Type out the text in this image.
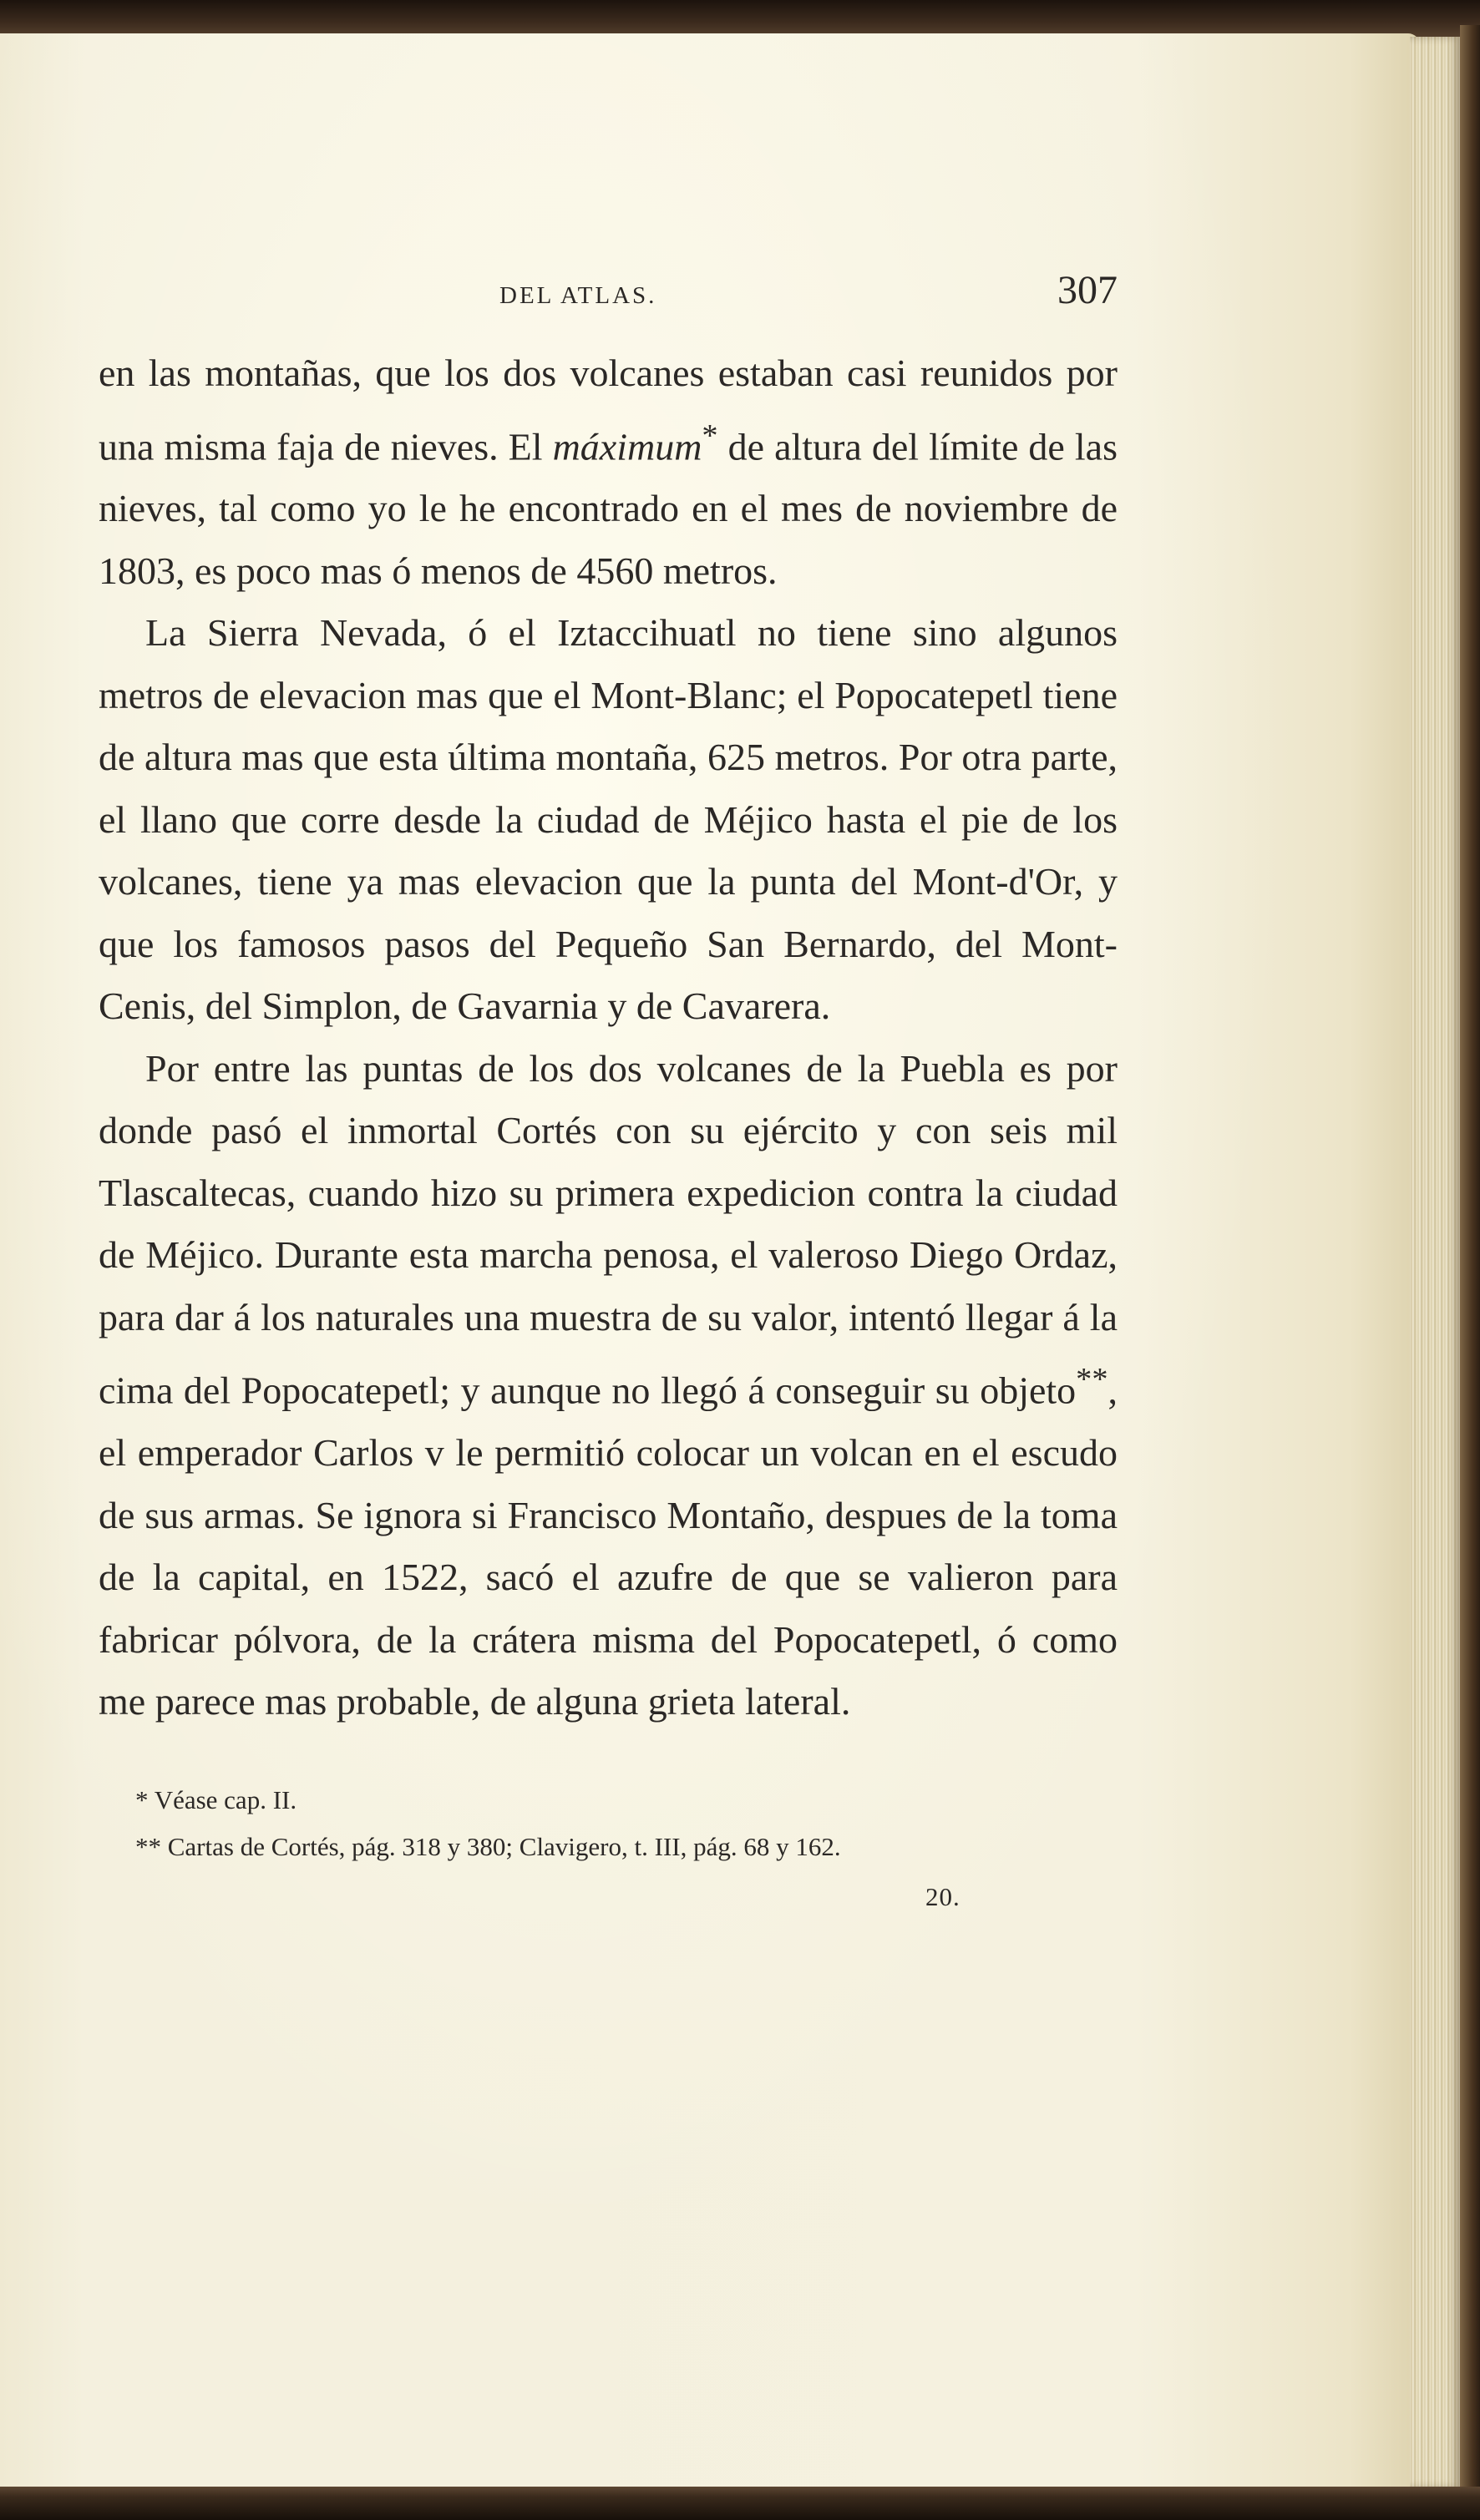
DEL ATLAS.	307

en las montañas, que los dos volcanes estaban casi reunidos por una misma faja de nieves. El máximum* de altura del límite de las nieves, tal como yo le he encontrado en el mes de noviembre de 1803, es poco mas ó menos de 4560 metros.

La Sierra Nevada, ó el Iztaccihuatl no tiene sino algunos metros de elevacion mas que el Mont-Blanc; el Popocatepetl tiene de altura mas que esta última montaña, 625 metros. Por otra parte, el llano que corre desde la ciudad de Méjico hasta el pie de los volcanes, tiene ya mas elevacion que la punta del Mont-d'Or, y que los famosos pasos del Pequeño San Bernardo, del Mont-Cenis, del Simplon, de Gavarnia y de Cavarera.

Por entre las puntas de los dos volcanes de la Puebla es por donde pasó el inmortal Cortés con su ejército y con seis mil Tlascaltecas, cuando hizo su primera expedicion contra la ciudad de Méjico. Durante esta marcha penosa, el valeroso Diego Ordaz, para dar á los naturales una muestra de su valor, intentó llegar á la cima del Popocatepetl; y aunque no llegó á conseguir su objeto**, el emperador Carlos v le permitió colocar un volcan en el escudo de sus armas. Se ignora si Francisco Montaño, despues de la toma de la capital, en 1522, sacó el azufre de que se valieron para fabricar pólvora, de la crátera misma del Popocatepetl, ó como me parece mas probable, de alguna grieta lateral.

* Véase cap. II.
** Cartas de Cortés, pág. 318 y 380; Clavigero, t. III, pág. 68 y 162.
20.
